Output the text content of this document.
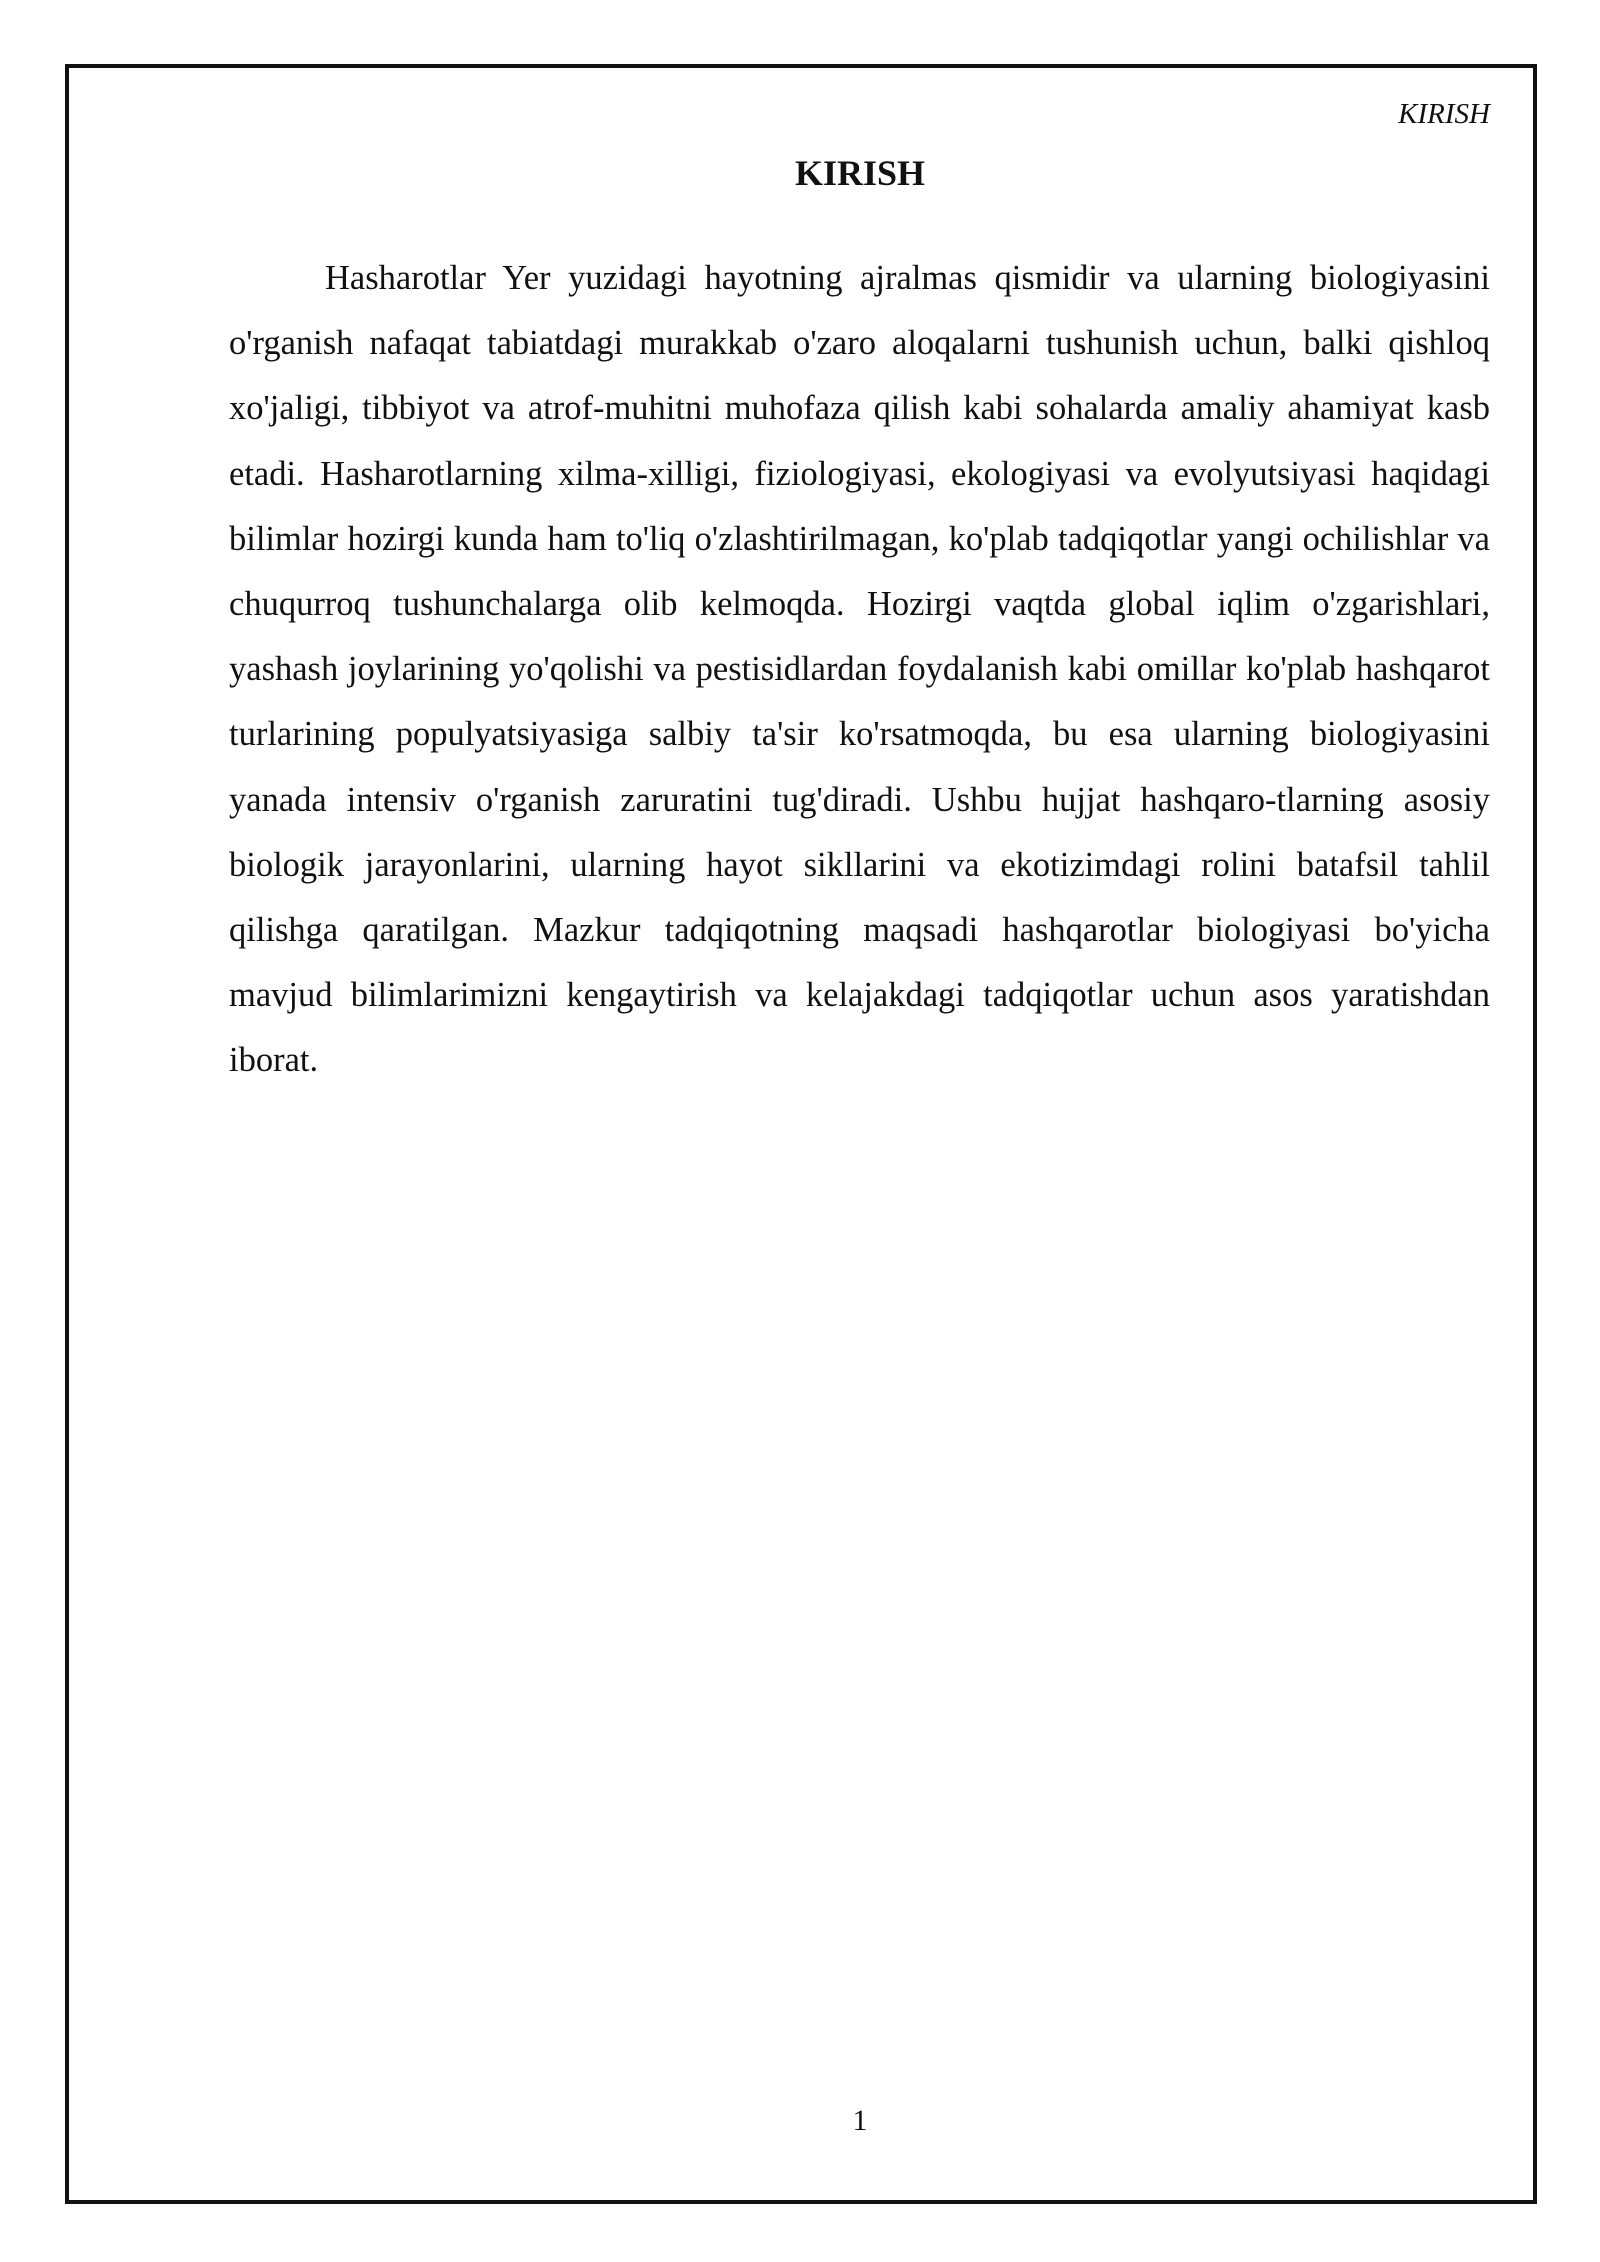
KIRISH
KIRISH

Hasharotlar Yer yuzidagi hayotning ajralmas qismidir va ularning biologiyasini o'rganish nafaqat tabiatdagi murakkab o'zaro aloqalarni tushunish uchun, balki qishloq xo'jaligi, tibbiyot va atrof-muhitni muhofaza qilish kabi sohalarda amaliy ahamiyat kasb etadi. Hasharotlarning xilma-xilligi, fiziologiyasi, ekologiyasi va evolyutsiyasi haqidagi bilimlar hozirgi kunda ham to'liq o'zlashtirilmagan, ko'plab tadqiqotlar yangi ochilishlar va chuqurroq tushunchalarga olib kelmoqda. Hozirgi vaqtda global iqlim o'zgarishlari, yashash joylarining yo'qolishi va pestisidlardan foydalanish kabi omillar ko'plab hashqarot turlarining populyatsiyasiga salbiy ta'sir ko'rsatmoqda, bu esa ularning biologiyasini yanada intensiv o'rganish zaruratini tug'diradi. Ushbu hujjat hashqaro-tlarning asosiy biologik jarayonlarini, ularning hayot sikllarini va ekotizimdagi rolini batafsil tahlil qilishga qaratilgan. Mazkur tadqiqotning maqsadi hashqarotlar biologiyasi bo'yicha mavjud bilimlarimizni kengaytirish va kelajakdagi tadqiqotlar uchun asos yaratishdan iborat.

1
